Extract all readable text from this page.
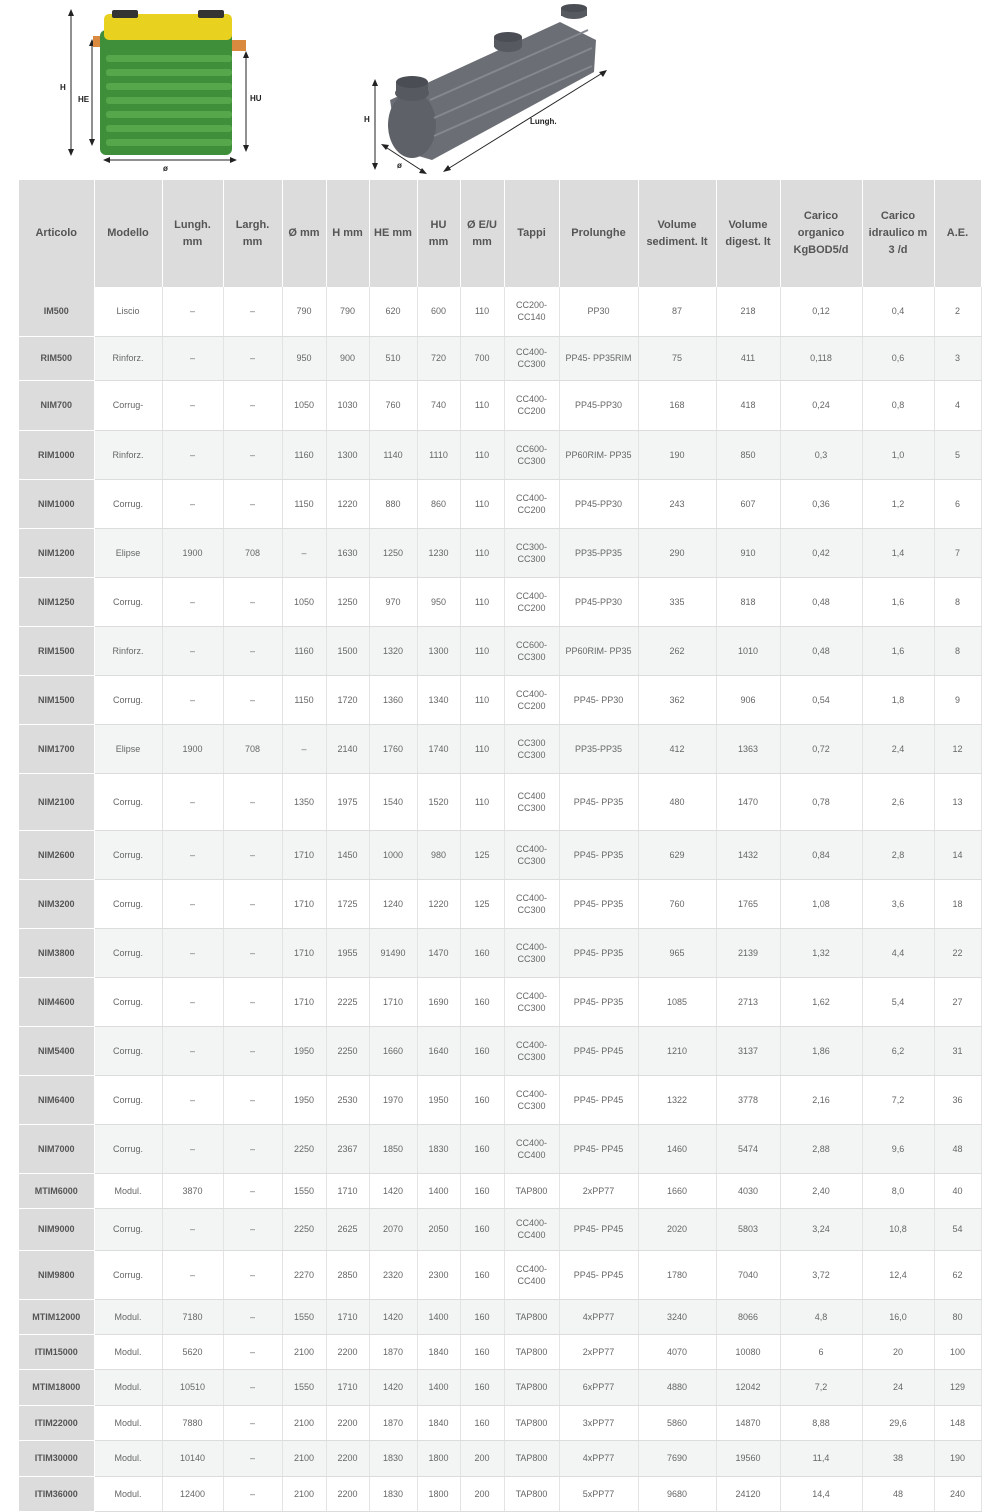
H
HE	HU
ø
H
ø
Lungh.
Articolo	Modello	Lungh. mm	Largh. mm	Ø mm	H mm	HE mm	HU mm	Ø E/U mm	Tappi	Prolunghe	Volume sediment. lt	Volume digest. lt	Carico organico KgBOD5/d	Carico idraulico m 3 /d	A.E.
IM500	Liscio	–	–	790	790	620	600	110	CC200- CC140	PP30	87	218	0,12	0,4	2
RIM500	Rinforz.	–	–	950	900	510	720	700	CC400- CC300	PP45- PP35RIM	75	411	0,118	0,6	3
NIM700	Corrug-	–	–	1050	1030	760	740	110	CC400- CC200	PP45-PP30	168	418	0,24	0,8	4
RIM1000	Rinforz.	–	–	1160	1300	1140	1110	110	CC600- CC300	PP60RIM- PP35	190	850	0,3	1,0	5
NIM1000	Corrug.	–	–	1150	1220	880	860	110	CC400- CC200	PP45-PP30	243	607	0,36	1,2	6
NIM1200	Elipse	1900	708	–	1630	1250	1230	110	CC300- CC300	PP35-PP35	290	910	0,42	1,4	7
NIM1250	Corrug.	–	–	1050	1250	970	950	110	CC400- CC200	PP45-PP30	335	818	0,48	1,6	8
RIM1500	Rinforz.	–	–	1160	1500	1320	1300	110	CC600- CC300	PP60RIM- PP35	262	1010	0,48	1,6	8
NIM1500	Corrug.	–	–	1150	1720	1360	1340	110	CC400- CC200	PP45- PP30	362	906	0,54	1,8	9
NIM1700	Elipse	1900	708	–	2140	1760	1740	110	CC300 CC300	PP35-PP35	412	1363	0,72	2,4	12
NIM2100	Corrug.	–	–	1350	1975	1540	1520	110	CC400 CC300	PP45- PP35	480	1470	0,78	2,6	13
NIM2600	Corrug.	–	–	1710	1450	1000	980	125	CC400- CC300	PP45- PP35	629	1432	0,84	2,8	14
NIM3200	Corrug.	–	–	1710	1725	1240	1220	125	CC400- CC300	PP45- PP35	760	1765	1,08	3,6	18
NIM3800	Corrug.	–	–	1710	1955	91490	1470	160	CC400- CC300	PP45- PP35	965	2139	1,32	4,4	22
NIM4600	Corrug.	–	–	1710	2225	1710	1690	160	CC400- CC300	PP45- PP35	1085	2713	1,62	5,4	27
NIM5400	Corrug.	–	–	1950	2250	1660	1640	160	CC400- CC300	PP45- PP45	1210	3137	1,86	6,2	31
NIM6400	Corrug.	–	–	1950	2530	1970	1950	160	CC400- CC300	PP45- PP45	1322	3778	2,16	7,2	36
NIM7000	Corrug.	–	–	2250	2367	1850	1830	160	CC400- CC400	PP45- PP45	1460	5474	2,88	9,6	48
MTIM6000	Modul.	3870	–	1550	1710	1420	1400	160	TAP800	2xPP77	1660	4030	2,40	8,0	40
NIM9000	Corrug.	–	–	2250	2625	2070	2050	160	CC400- CC400	PP45- PP45	2020	5803	3,24	10,8	54
NIM9800	Corrug.	–	–	2270	2850	2320	2300	160	CC400- CC400	PP45- PP45	1780	7040	3,72	12,4	62
MTIM12000	Modul.	7180	–	1550	1710	1420	1400	160	TAP800	4xPP77	3240	8066	4,8	16,0	80
ITIM15000	Modul.	5620	–	2100	2200	1870	1840	160	TAP800	2xPP77	4070	10080	6	20	100
MTIM18000	Modul.	10510	–	1550	1710	1420	1400	160	TAP800	6xPP77	4880	12042	7,2	24	129
ITIM22000	Modul.	7880	–	2100	2200	1870	1840	160	TAP800	3xPP77	5860	14870	8,88	29,6	148
ITIM30000	Modul.	10140	–	2100	2200	1830	1800	200	TAP800	4xPP77	7690	19560	11,4	38	190
ITIM36000	Modul.	12400	–	2100	2200	1830	1800	200	TAP800	5xPP77	9680	24120	14,4	48	240
